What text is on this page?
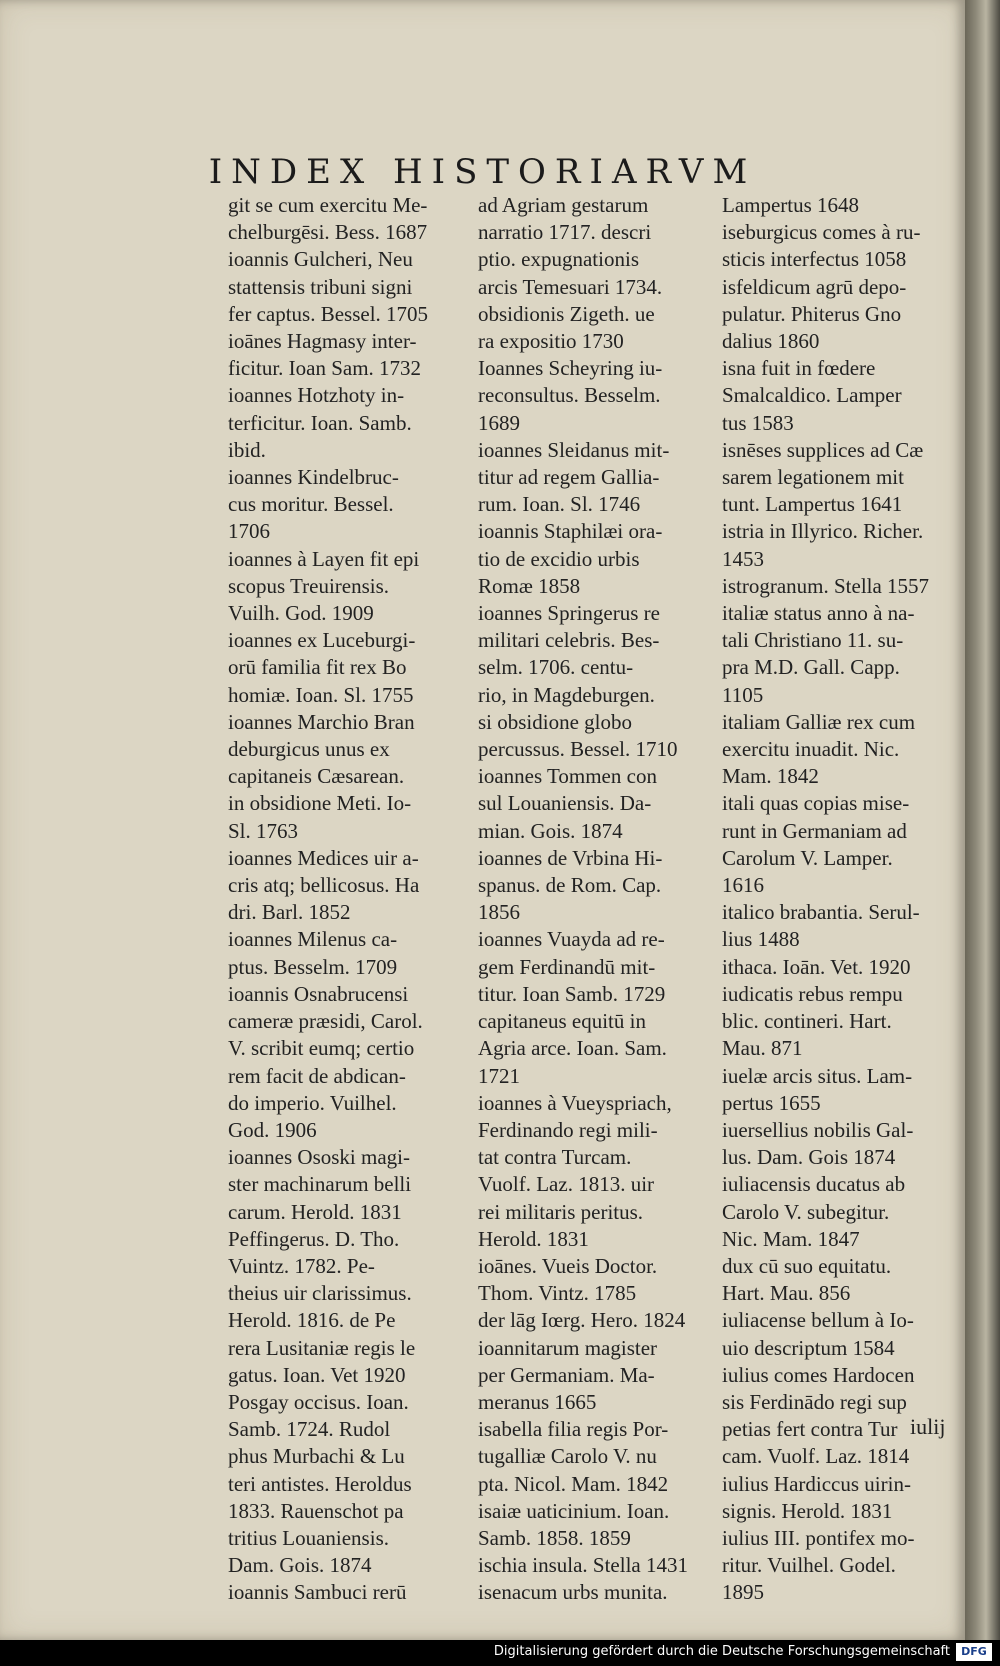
INDEX HISTORIARVM
git se cum exercitu Me-
chelburgēsi. Bess. 1687
ioannis Gulcheri, Neu
stattensis tribuni signi
fer captus. Bessel. 1705
ioānes Hagmasy inter-
ficitur. Ioan Sam. 1732
ioannes Hotzhoty in-
terficitur. Ioan. Samb.
ibid.
ioannes Kindelbruc-
cus moritur. Bessel.
1706
ioannes à Layen fit epi
scopus Treuirensis.
Vuilh. God. 1909
ioannes ex Luceburgi-
orū familia fit rex Bo
homiæ. Ioan. Sl. 1755
ioannes Marchio Bran
deburgicus unus ex
capitaneis Cæsarean.
in obsidione Meti. Io-
Sl. 1763
ioannes Medices uir a-
cris atq; bellicosus. Ha
dri. Barl. 1852
ioannes Milenus ca-
ptus. Besselm. 1709
ioannis Osnabrucensi
cameræ præsidi, Carol.
V. scribit eumq; certio
rem facit de abdican-
do imperio. Vuilhel.
God. 1906
ioannes Ososki magi-
ster machinarum belli
carum. Herold. 1831
Peffingerus. D. Tho.
Vuintz. 1782. Pe-
theius uir clarissimus.
Herold. 1816. de Pe
rera Lusitaniæ regis le
gatus. Ioan. Vet 1920
Posgay occisus. Ioan.
Samb. 1724. Rudol
phus Murbachi & Lu
teri antistes. Heroldus
1833. Rauenschot pa
tritius Louaniensis.
Dam. Gois. 1874
ioannis Sambuci rerū
ad Agriam gestarum
narratio 1717. descri
ptio. expugnationis
arcis Temesuari 1734.
obsidionis Zigeth. ue
ra expositio 1730
Ioannes Scheyring iu-
reconsultus. Besselm.
1689
ioannes Sleidanus mit-
titur ad regem Gallia-
rum. Ioan. Sl. 1746
ioannis Staphilæi ora-
tio de excidio urbis
Romæ 1858
ioannes Springerus re
militari celebris. Bes-
selm. 1706. centu-
rio, in Magdeburgen.
si obsidione globo
percussus. Bessel. 1710
ioannes Tommen con
sul Louaniensis. Da-
mian. Gois. 1874
ioannes de Vrbina Hi-
spanus. de Rom. Cap.
1856
ioannes Vuayda ad re-
gem Ferdinandū mit-
titur. Ioan Samb. 1729
capitaneus equitū in
Agria arce. Ioan. Sam.
1721
ioannes à Vueyspriach,
Ferdinando regi mili-
tat contra Turcam.
Vuolf. Laz. 1813. uir
rei militaris peritus.
Herold. 1831
ioānes. Vueis Doctor.
Thom. Vintz. 1785
der lāg Iœrg. Hero. 1824
ioannitarum magister
per Germaniam. Ma-
meranus 1665
isabella filia regis Por-
tugalliæ Carolo V. nu
pta. Nicol. Mam. 1842
isaiæ uaticinium. Ioan.
Samb. 1858. 1859
ischia insula. Stella 1431
isenacum urbs munita.
Lampertus 1648
iseburgicus comes à ru-
sticis interfectus 1058
isfeldicum agrū depo-
pulatur. Phiterus Gno
dalius 1860
isna fuit in fœdere
Smalcaldico. Lamper
tus 1583
isnēses supplices ad Cæ
sarem legationem mit
tunt. Lampertus 1641
istria in Illyrico. Richer.
1453
istrogranum. Stella 1557
italiæ status anno à na-
tali Christiano 11. su-
pra M.D. Gall. Capp.
1105
italiam Galliæ rex cum
exercitu inuadit. Nic.
Mam. 1842
itali quas copias mise-
runt in Germaniam ad
Carolum V. Lamper.
1616
italico brabantia. Serul-
lius 1488
ithaca. Ioān. Vet. 1920
iudicatis rebus rempu
blic. contineri. Hart.
Mau. 871
iuelæ arcis situs. Lam-
pertus 1655
iuersellius nobilis Gal-
lus. Dam. Gois 1874
iuliacensis ducatus ab
Carolo V. subegitur.
Nic. Mam. 1847
dux cū suo equitatu.
Hart. Mau. 856
iuliacense bellum à Io-
uio descriptum 1584
iulius comes Hardocen
sis Ferdinādo regi sup
petias fert contra Tur
cam. Vuolf. Laz. 1814
iulius Hardiccus uirin-
signis. Herold. 1831
iulius III. pontifex mo-
ritur. Vuilhel. Godel.
1895
iulij
Digitalisierung gefördert durch die Deutsche Forschungsgemeinschaft	DFG
